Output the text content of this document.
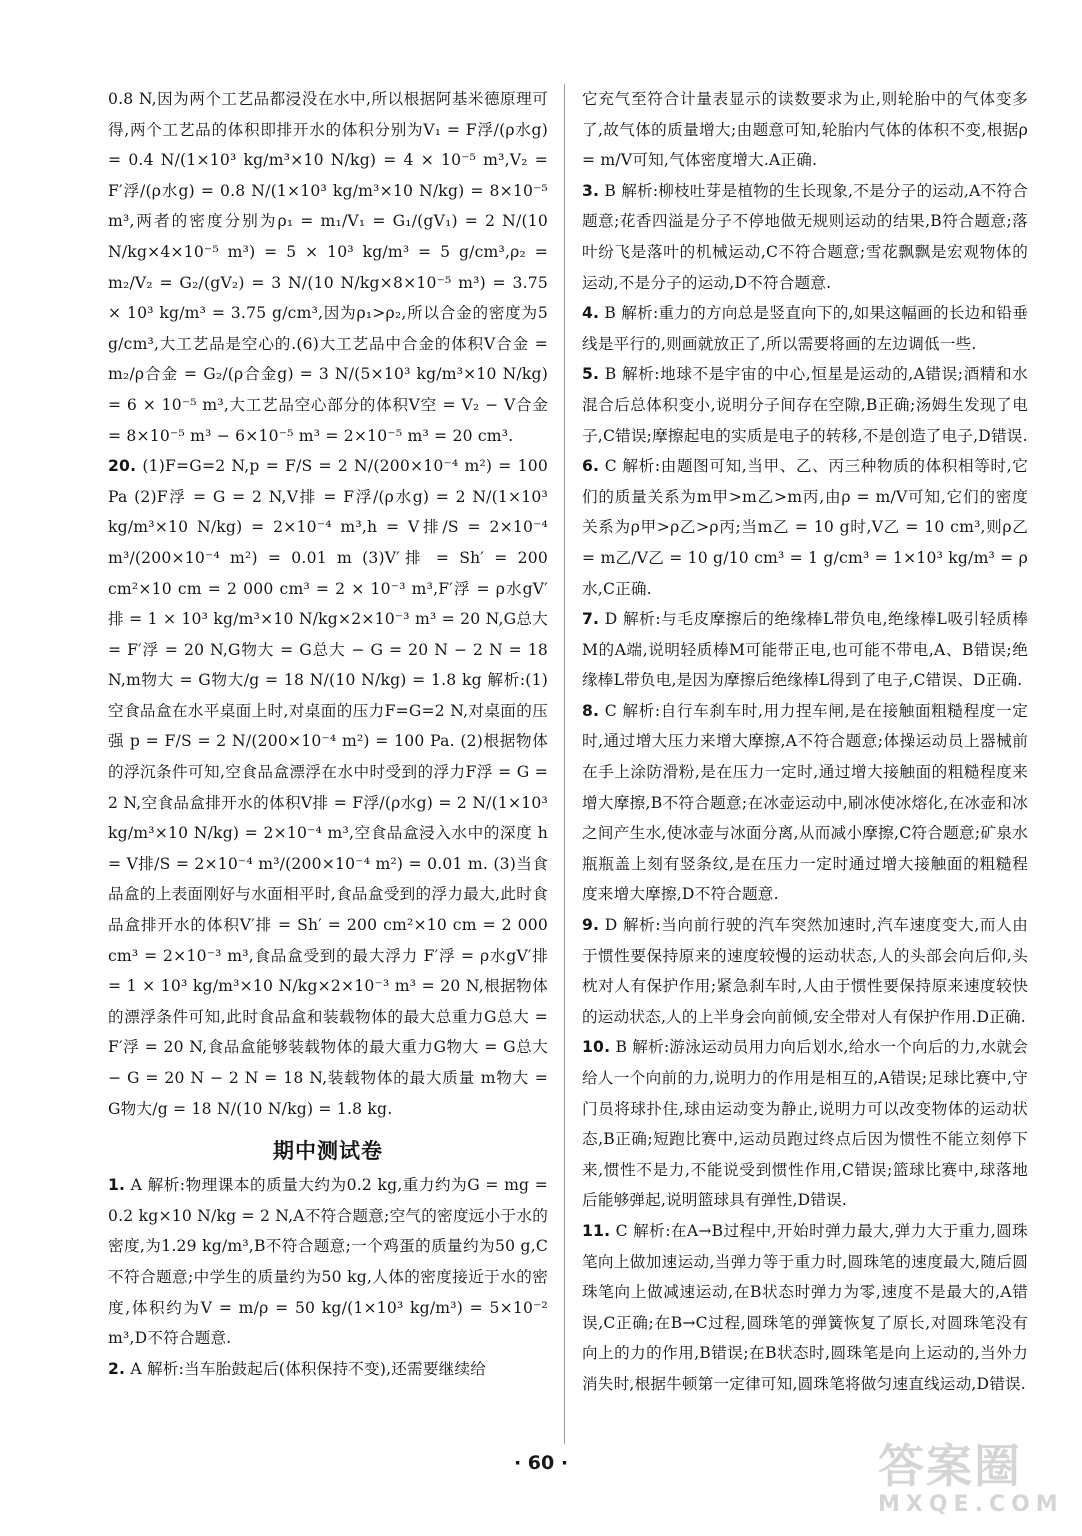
0.8 N,因为两个工艺品都浸没在水中,所以根据阿基米德原理可得,两个工艺品的体积即排开水的体积分别为V₁ = F浮/(ρ水g) = 0.4 N/(1×10³ kg/m³×10 N/kg) = 4 × 10⁻⁵ m³,V₂ = F′浮/(ρ水g) = 0.8 N/(1×10³ kg/m³×10 N/kg) = 8×10⁻⁵ m³,两者的密度分别为ρ₁ = m₁/V₁ = G₁/(gV₁) = 2 N/(10 N/kg×4×10⁻⁵ m³) = 5 × 10³ kg/m³ = 5 g/cm³,ρ₂ = m₂/V₂ = G₂/(gV₂) = 3 N/(10 N/kg×8×10⁻⁵ m³) = 3.75 × 10³ kg/m³ = 3.75 g/cm³,因为ρ₁>ρ₂,所以合金的密度为5 g/cm³,大工艺品是空心的.(6)大工艺品中合金的体积V合金 = m₂/ρ合金 = G₂/(ρ合金g) = 3 N/(5×10³ kg/m³×10 N/kg) = 6 × 10⁻⁵ m³,大工艺品空心部分的体积V空 = V₂ − V合金 = 8×10⁻⁵ m³ − 6×10⁻⁵ m³ = 2×10⁻⁵ m³ = 20 cm³.

20. (1)F=G=2 N,p = F/S = 2 N/(200×10⁻⁴ m²) = 100 Pa (2)F浮 = G = 2 N,V排 = F浮/(ρ水g) = 2 N/(1×10³ kg/m³×10 N/kg) = 2×10⁻⁴ m³,h = V排/S = 2×10⁻⁴ m³/(200×10⁻⁴ m²) = 0.01 m (3)V′排 = Sh′ = 200 cm²×10 cm = 2 000 cm³ = 2 × 10⁻³ m³,F′浮 = ρ水gV′排 = 1 × 10³ kg/m³×10 N/kg×2×10⁻³ m³ = 20 N,G总大 = F′浮 = 20 N,G物大 = G总大 − G = 20 N − 2 N = 18 N,m物大 = G物大/g = 18 N/(10 N/kg) = 1.8 kg 解析:(1)空食品盒在水平桌面上时,对桌面的压力F=G=2 N,对桌面的压强 p = F/S = 2 N/(200×10⁻⁴ m²) = 100 Pa. (2)根据物体的浮沉条件可知,空食品盒漂浮在水中时受到的浮力F浮 = G = 2 N,空食品盒排开水的体积V排 = F浮/(ρ水g) = 2 N/(1×10³ kg/m³×10 N/kg) = 2×10⁻⁴ m³,空食品盒浸入水中的深度 h = V排/S = 2×10⁻⁴ m³/(200×10⁻⁴ m²) = 0.01 m. (3)当食品盒的上表面刚好与水面相平时,食品盒受到的浮力最大,此时食品盒排开水的体积V′排 = Sh′ = 200 cm²×10 cm = 2 000 cm³ = 2×10⁻³ m³,食品盒受到的最大浮力 F′浮 = ρ水gV′排 = 1 × 10³ kg/m³×10 N/kg×2×10⁻³ m³ = 20 N,根据物体的漂浮条件可知,此时食品盒和装载物体的最大总重力G总大 = F′浮 = 20 N,食品盒能够装载物体的最大重力G物大 = G总大 − G = 20 N − 2 N = 18 N,装载物体的最大质量 m物大 = G物大/g = 18 N/(10 N/kg) = 1.8 kg.

期中测试卷

1. A 解析:物理课本的质量大约为0.2 kg,重力约为G = mg = 0.2 kg×10 N/kg = 2 N,A不符合题意;空气的密度远小于水的密度,为1.29 kg/m³,B不符合题意;一个鸡蛋的质量约为50 g,C不符合题意;中学生的质量约为50 kg,人体的密度接近于水的密度,体积约为V = m/ρ = 50 kg/(1×10³ kg/m³) = 5×10⁻² m³,D不符合题意.

2. A 解析:当车胎鼓起后(体积保持不变),还需要继续给

它充气至符合计量表显示的读数要求为止,则轮胎中的气体变多了,故气体的质量增大;由题意可知,轮胎内气体的体积不变,根据ρ = m/V可知,气体密度增大.A正确.

3. B 解析:柳枝吐芽是植物的生长现象,不是分子的运动,A不符合题意;花香四溢是分子不停地做无规则运动的结果,B符合题意;落叶纷飞是落叶的机械运动,C不符合题意;雪花飘飘是宏观物体的运动,不是分子的运动,D不符合题意.

4. B 解析:重力的方向总是竖直向下的,如果这幅画的长边和铅垂线是平行的,则画就放正了,所以需要将画的左边调低一些.

5. B 解析:地球不是宇宙的中心,恒星是运动的,A错误;酒精和水混合后总体积变小,说明分子间存在空隙,B正确;汤姆生发现了电子,C错误;摩擦起电的实质是电子的转移,不是创造了电子,D错误.

6. C 解析:由题图可知,当甲、乙、丙三种物质的体积相等时,它们的质量关系为m甲>m乙>m丙,由ρ = m/V可知,它们的密度关系为ρ甲>ρ乙>ρ丙;当m乙 = 10 g时,V乙 = 10 cm³,则ρ乙 = m乙/V乙 = 10 g/10 cm³ = 1 g/cm³ = 1×10³ kg/m³ = ρ水,C正确.

7. D 解析:与毛皮摩擦后的绝缘棒L带负电,绝缘棒L吸引轻质棒M的A端,说明轻质棒M可能带正电,也可能不带电,A、B错误;绝缘棒L带负电,是因为摩擦后绝缘棒L得到了电子,C错误、D正确.

8. C 解析:自行车刹车时,用力捏车闸,是在接触面粗糙程度一定时,通过增大压力来增大摩擦,A不符合题意;体操运动员上器械前在手上涂防滑粉,是在压力一定时,通过增大接触面的粗糙程度来增大摩擦,B不符合题意;在冰壶运动中,刷冰使冰熔化,在冰壶和冰之间产生水,使冰壶与冰面分离,从而减小摩擦,C符合题意;矿泉水瓶瓶盖上刻有竖条纹,是在压力一定时通过增大接触面的粗糙程度来增大摩擦,D不符合题意.

9. D 解析:当向前行驶的汽车突然加速时,汽车速度变大,而人由于惯性要保持原来的速度较慢的运动状态,人的头部会向后仰,头枕对人有保护作用;紧急刹车时,人由于惯性要保持原来速度较快的运动状态,人的上半身会向前倾,安全带对人有保护作用.D正确.

10. B 解析:游泳运动员用力向后划水,给水一个向后的力,水就会给人一个向前的力,说明力的作用是相互的,A错误;足球比赛中,守门员将球扑住,球由运动变为静止,说明力可以改变物体的运动状态,B正确;短跑比赛中,运动员跑过终点后因为惯性不能立刻停下来,惯性不是力,不能说受到惯性作用,C错误;篮球比赛中,球落地后能够弹起,说明篮球具有弹性,D错误.

11. C 解析:在A→B过程中,开始时弹力最大,弹力大于重力,圆珠笔向上做加速运动,当弹力等于重力时,圆珠笔的速度最大,随后圆珠笔向上做减速运动,在B状态时弹力为零,速度不是最大的,A错误,C正确;在B→C过程,圆珠笔的弹簧恢复了原长,对圆珠笔没有向上的力的作用,B错误;在B状态时,圆珠笔是向上运动的,当外力消失时,根据牛顿第一定律可知,圆珠笔将做匀速直线运动,D错误.

· 60 ·	答案圈
MXQE.COM
